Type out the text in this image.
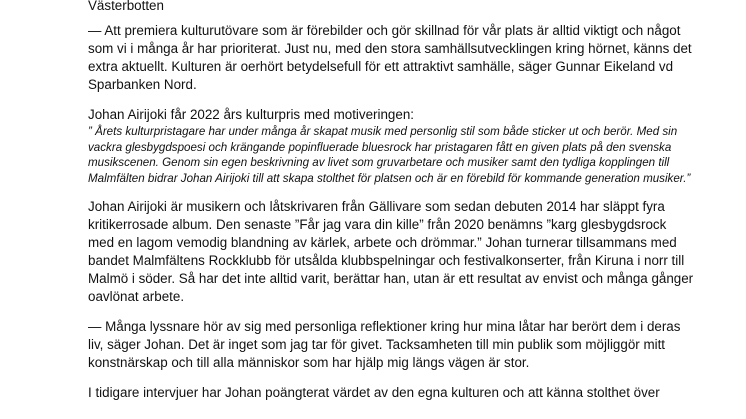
Västerbotten

— Att premiera kulturutövare som är förebilder och gör skillnad för vår plats är alltid viktigt och något som vi i många år har prioriterat. Just nu, med den stora samhällsutvecklingen kring hörnet, känns det extra aktuellt. Kulturen är oerhört betydelsefull för ett attraktivt samhälle, säger Gunnar Eikeland vd Sparbanken Nord.

Johan Airijoki får 2022 års kulturpris med motiveringen:

” Årets kulturpristagare har under många år skapat musik med personlig stil som både sticker ut och berör. Med sin vackra glesbygdspoesi och krängande popinfluerade bluesrock har pristagaren fått en given plats på den svenska musikscenen. Genom sin egen beskrivning av livet som gruvarbetare och musiker samt den tydliga kopplingen till Malmfälten bidrar Johan Airijoki till att skapa stolthet för platsen och är en förebild för kommande generation musiker.”

Johan Airijoki är musikern och låtskrivaren från Gällivare som sedan debuten 2014 har släppt fyra kritikerrosade album. Den senaste ”Får jag vara din kille” från 2020 benämns ”karg glesbygdsrock med en lagom vemodig blandning av kärlek, arbete och drömmar.” Johan turnerar tillsammans med bandet Malmfältens Rockklubb för utsålda klubbspelningar och festivalkonserter, från Kiruna i norr till Malmö i söder. Så har det inte alltid varit, berättar han, utan är ett resultat av envist och många gånger oavlönat arbete.

— Många lyssnare hör av sig med personliga reflektioner kring hur mina låtar har berört dem i deras liv, säger Johan. Det är inget som jag tar för givet. Tacksamheten till min publik som möjliggör mitt konstnärskap och till alla människor som har hjälp mig längs vägen är stor.

I tidigare intervjuer har Johan poängterat värdet av den egna kulturen och att känna stolthet över
